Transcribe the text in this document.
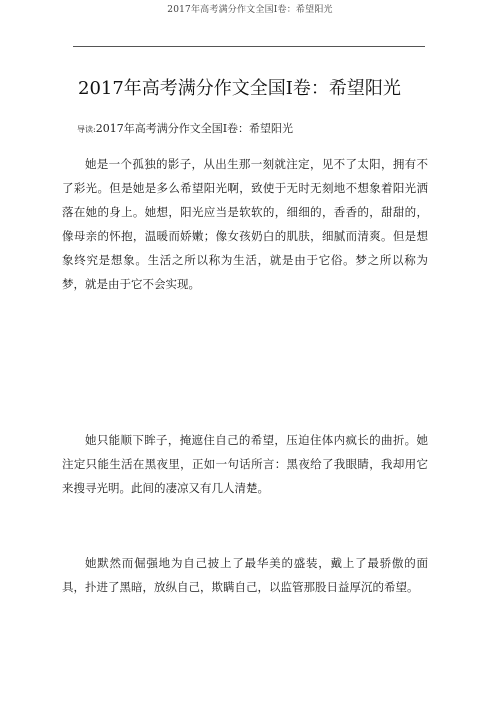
2017年高考满分作文全国Ⅰ卷：希望阳光
2017年高考满分作文全国Ⅰ卷：希望阳光
导读:2017年高考满分作文全国Ⅰ卷：希望阳光

她是一个孤独的影子，从出生那一刻就注定，见不了太阳，拥有不了彩光。但是她是多么希望阳光啊，致使于无时无刻地不想象着阳光洒落在她的身上。她想，阳光应当是软软的，细细的，香香的，甜甜的，像母亲的怀抱，温暖而娇嫩；像女孩奶白的肌肤，细腻而清爽。但是想象终究是想象。生活之所以称为生活，就是由于它俗。梦之所以称为梦，就是由于它不会实现。

她只能顺下眸子，掩遮住自己的希望，压迫住体内疯长的曲折。她注定只能生活在黑夜里，正如一句话所言：黑夜给了我眼睛，我却用它来搜寻光明。此间的凄凉又有几人清楚。

她默然而倔强地为自己披上了最华美的盛装，戴上了最骄傲的面具，扑进了黑暗，放纵自己，欺瞒自己，以监管那股日益厚沉的希望。
